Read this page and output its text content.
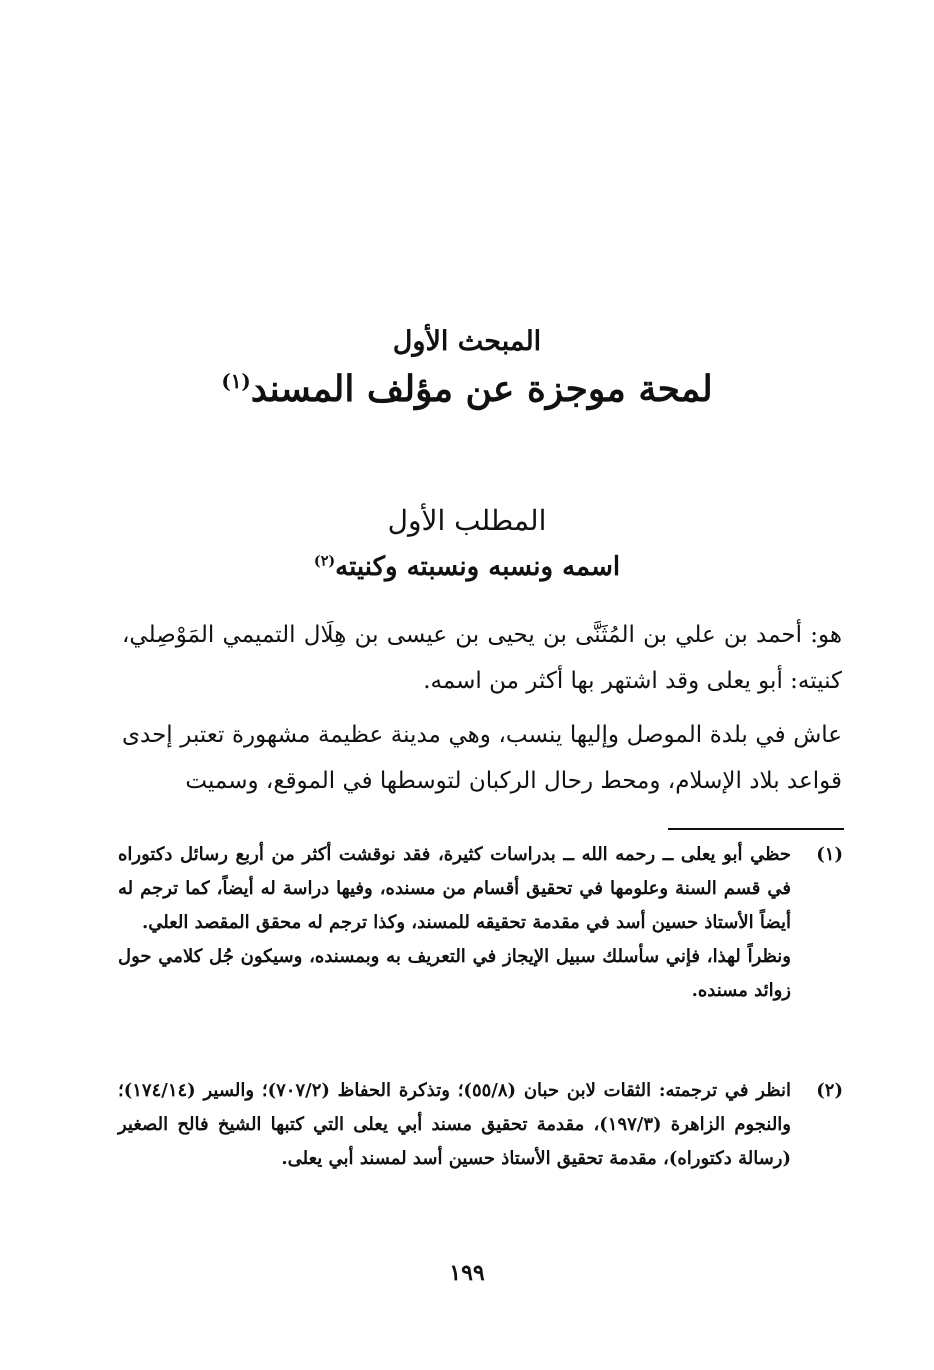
المبحث الأول
لمحة موجزة عن مؤلف المسند$^{(١)}$
المطلب الأول
اسمه ونسبه ونسبته وكنيته$^{(٢)}$
هو: أحمد بن علي بن المُثَنَّى بن يحيى بن عيسى بن هِلَال التميمي المَوْصِلي، كنيته: أبو يعلى وقد اشتهر بها أكثر من اسمه.
عاش في بلدة الموصل وإليها ينسب، وهي مدينة عظيمة مشهورة تعتبر إحدى قواعد بلاد الإسلام، ومحط رحال الركبان لتوسطها في الموقع، وسميت
(١)

حظي أبو يعلى ــ رحمه الله ــ بدراسات كثيرة، فقد نوقشت أكثر من أربع رسائل دكتوراه في قسم السنة وعلومها في تحقيق أقسام من مسنده، وفيها دراسة له أيضاً، كما ترجم له أيضاً الأستاذ حسين أسد في مقدمة تحقيقه للمسند، وكذا ترجم له محقق المقصد العلي.

ونظراً لهذا، فإني سأسلك سبيل الإيجاز في التعريف به وبمسنده، وسيكون جُل كلامي حول زوائد مسنده.

(٢)

انظر في ترجمته: الثقات لابن حبان (٥٥/٨)؛ وتذكرة الحفاظ (٧٠٧/٢)؛ والسير (١٧٤/١٤)؛ والنجوم الزاهرة (١٩٧/٣)، مقدمة تحقيق مسند أبي يعلى التي كتبها الشيخ فالح الصغير (رسالة دكتوراه)، مقدمة تحقيق الأستاذ حسين أسد لمسند أبي يعلى.

١٩٩
